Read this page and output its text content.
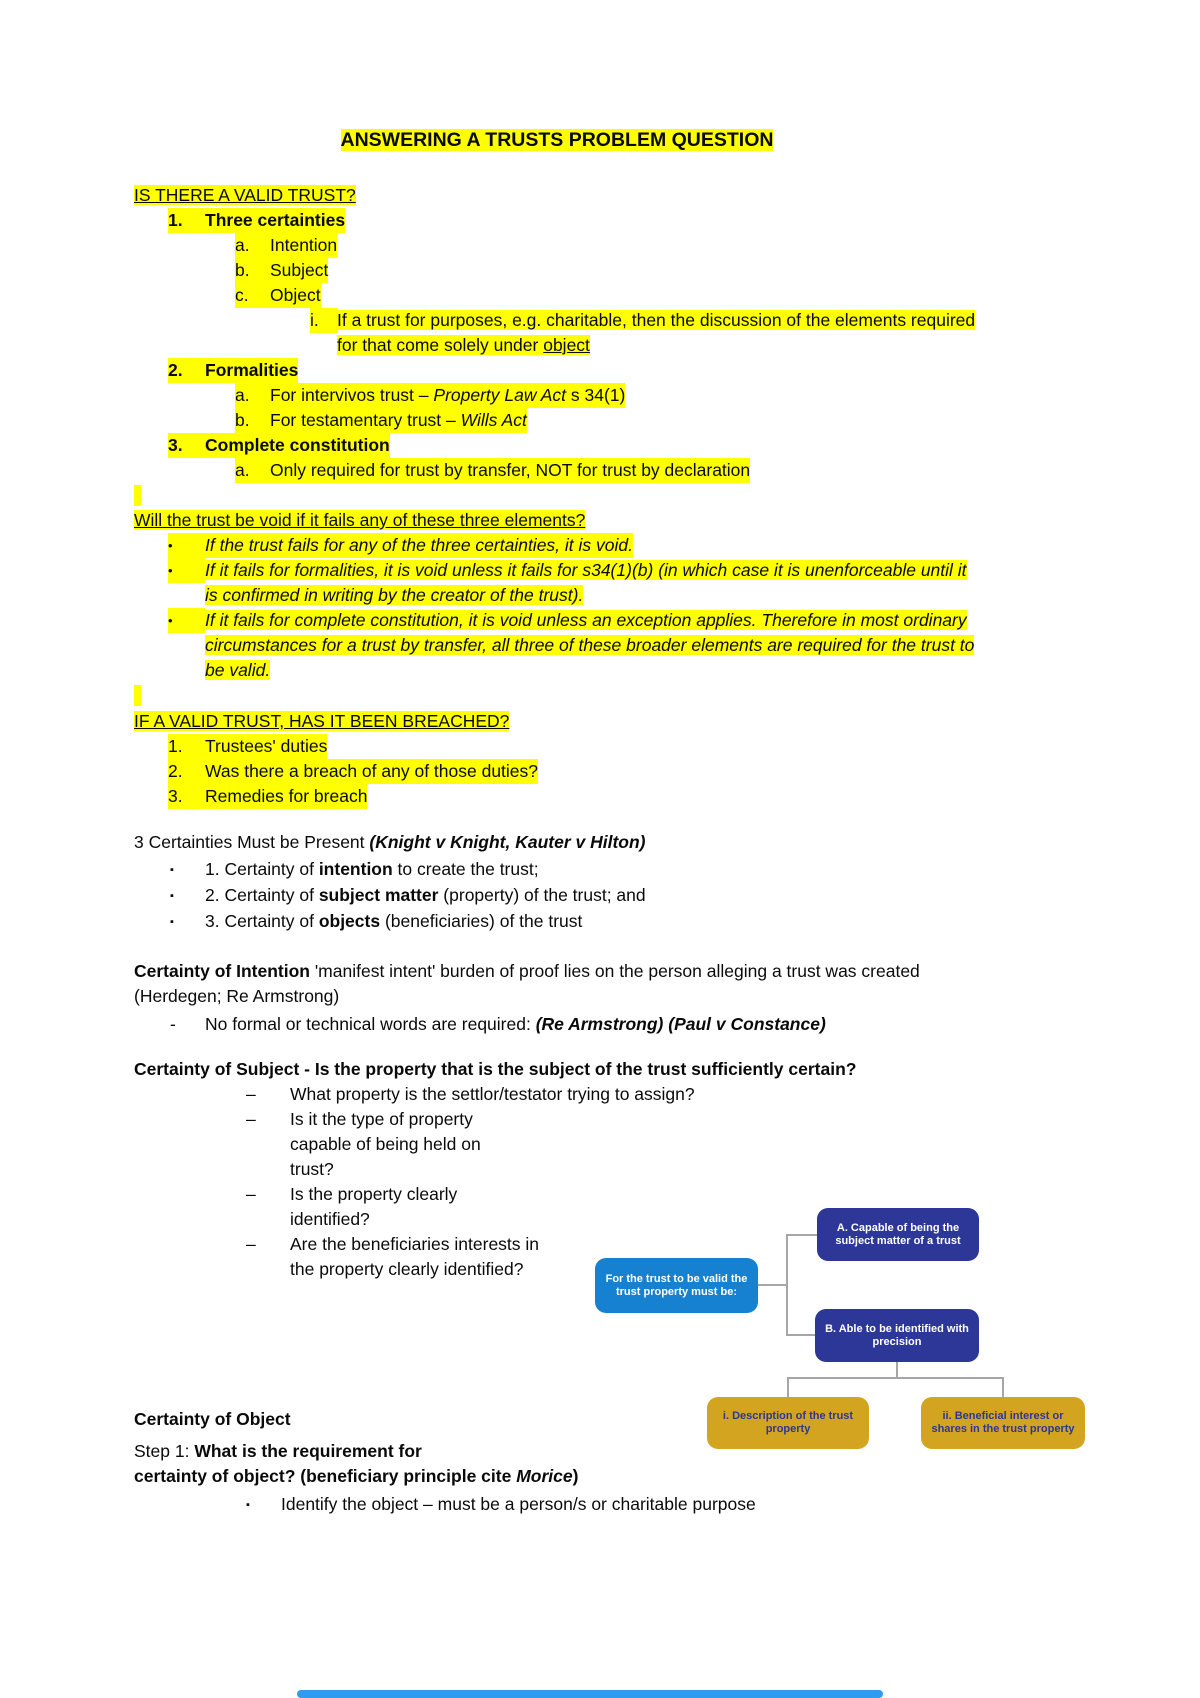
ANSWERING A TRUSTS PROBLEM QUESTION
IS THERE A VALID TRUST?
1.	Three certainties
a.	Intention
b.	Subject
c.	Object
i.	If a trust for purposes, e.g. charitable, then the discussion of the elements required for that come solely under object
2.	Formalities
a.	For intervivos trust – Property Law Act s 34(1)
b.	For testamentary trust – Wills Act
3.	Complete constitution
a.	Only required for trust by transfer, NOT for trust by declaration
Will the trust be void if it fails any of these three elements?
•	If the trust fails for any of the three certainties, it is void.
•	If it fails for formalities, it is void unless it fails for s34(1)(b) (in which case it is unenforceable until it is confirmed in writing by the creator of the trust).
•	If it fails for complete constitution, it is void unless an exception applies. Therefore in most ordinary circumstances for a trust by transfer, all three of these broader elements are required for the trust to be valid.
IF A VALID TRUST, HAS IT BEEN BREACHED?
1.	Trustees' duties
2.	Was there a breach of any of those duties?
3.	Remedies for breach
3 Certainties Must be Present (Knight v Knight, Kauter v Hilton)
▪	1. Certainty of intention to create the trust;
▪	2. Certainty of subject matter (property) of the trust; and
▪	3. Certainty of objects (beneficiaries) of the trust
Certainty of Intention 'manifest intent' burden of proof lies on the person alleging a trust was created (Herdegen; Re Armstrong)
-	No formal or technical words are required: (Re Armstrong) (Paul v Constance)
Certainty of Subject - Is the property that is the subject of the trust sufficiently certain?
–	What property is the settlor/testator trying to assign?
–	Is it the type of property capable of being held on trust?
–	Is the property clearly identified?
–	Are the beneficiaries interests in the property clearly identified?
Certainty of Object
Step 1: What is the requirement for
certainty of object? (beneficiary principle cite Morice)
▪	Identify the object – must be a person/s or charitable purpose
For the trust to be valid the trust property must be:
A. Capable of being the subject matter of a trust
B. Able to be identified with precision
i. Description of the trust property
ii. Beneficial interest or shares in the trust property
